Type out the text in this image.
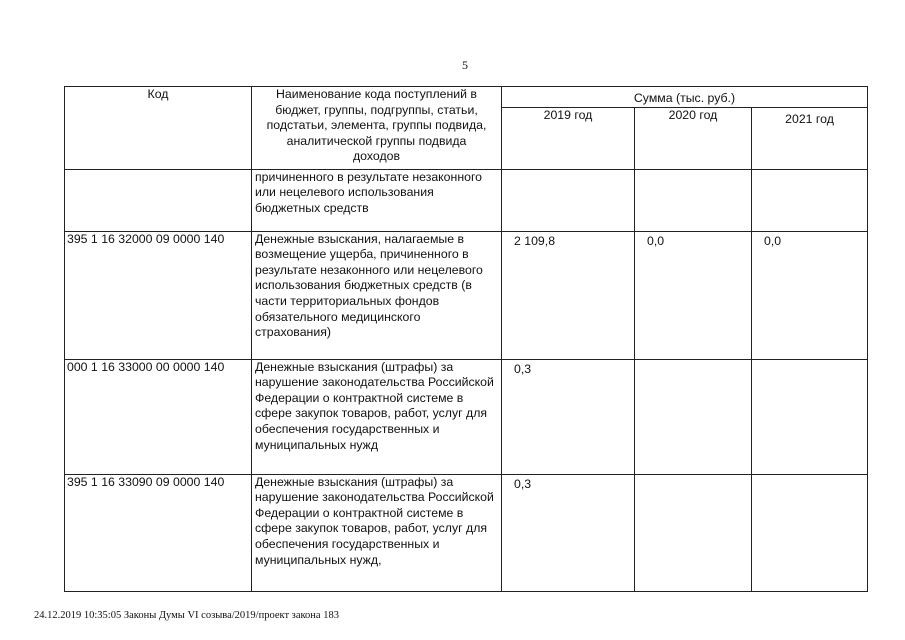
5
Код	Наименование кода поступлений в бюджет, группы, подгруппы, статьи, подстатьи, элемента, группы подвида, аналитической группы подвида доходов	Сумма (тыс. руб.)		
		2019 год	2020 год	2021 год
	причиненного в результате незаконного или нецелевого использования бюджетных средств			
395 1 16 32000 09 0000 140	Денежные взыскания, налагаемые в возмещение ущерба, причиненного в результате незаконного или нецелевого использования бюджетных средств (в части территориальных фондов обязательного медицинского страхования)	2 109,8	0,0	0,0
000 1 16 33000 00 0000 140	Денежные взыскания (штрафы) за нарушение законодательства Российской Федерации о контрактной системе в сфере закупок товаров, работ, услуг для обеспечения государственных и муниципальных нужд	0,3		
395 1 16 33090 09 0000 140	Денежные взыскания (штрафы) за нарушение законодательства Российской Федерации о контрактной системе в сфере закупок товаров, работ, услуг для обеспечения государственных и муниципальных нужд,	0,3		
24.12.2019 10:35:05 Законы Думы VI созыва/2019/проект закона 183
